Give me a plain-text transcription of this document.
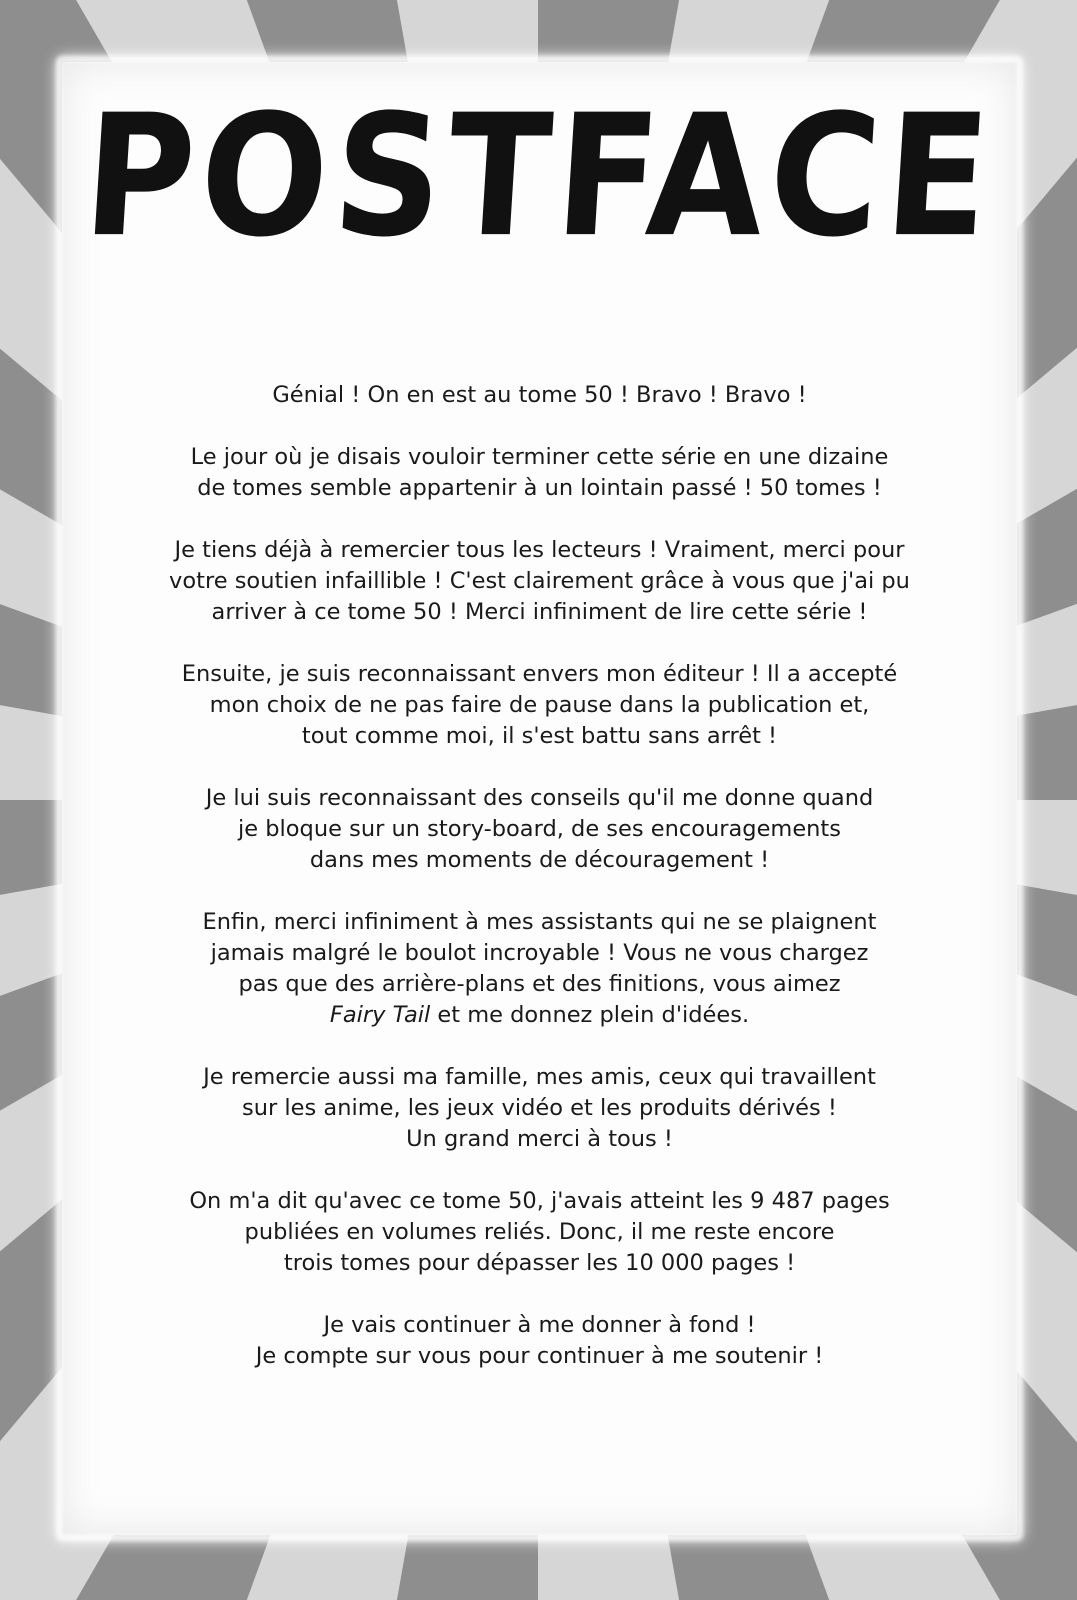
POSTFACE
Génial ! On en est au tome 50 ! Bravo ! Bravo !
Le jour où je disais vouloir terminer cette série en une dizaine
de tomes semble appartenir à un lointain passé ! 50 tomes !
Je tiens déjà à remercier tous les lecteurs ! Vraiment, merci pour
votre soutien infaillible ! C'est clairement grâce à vous que j'ai pu
arriver à ce tome 50 ! Merci infiniment de lire cette série !
Ensuite, je suis reconnaissant envers mon éditeur ! Il a accepté
mon choix de ne pas faire de pause dans la publication et,
tout comme moi, il s'est battu sans arrêt !
Je lui suis reconnaissant des conseils qu'il me donne quand
je bloque sur un story-board, de ses encouragements
dans mes moments de découragement !
Enfin, merci infiniment à mes assistants qui ne se plaignent
jamais malgré le boulot incroyable ! Vous ne vous chargez
pas que des arrière-plans et des finitions, vous aimez
Fairy Tail et me donnez plein d'idées.
Je remercie aussi ma famille, mes amis, ceux qui travaillent
sur les anime, les jeux vidéo et les produits dérivés !
Un grand merci à tous !
On m'a dit qu'avec ce tome 50, j'avais atteint les 9 487 pages
publiées en volumes reliés. Donc, il me reste encore
trois tomes pour dépasser les 10 000 pages !
Je vais continuer à me donner à fond !
Je compte sur vous pour continuer à me soutenir !
